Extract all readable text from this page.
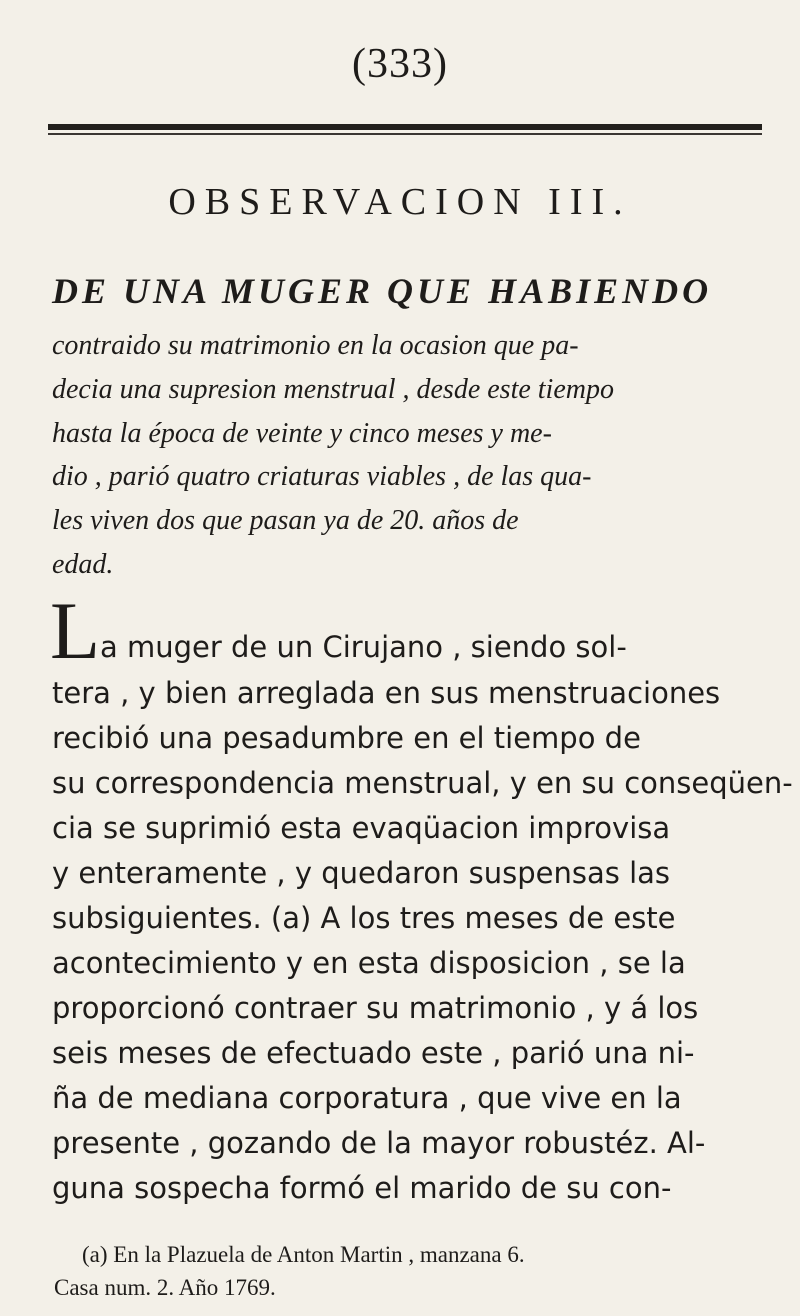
(333)
OBSERVACION III.
DE UNA MUGER QUE HABIENDO
contraido su matrimonio en la ocasion que pa-
decia una supresion menstrual , desde este tiempo
hasta la época de veinte y cinco meses y me-
dio , parió quatro criaturas viables , de las qua-
les viven dos que pasan ya de 20. años de
edad.
L a muger de un Cirujano , siendo sol-
tera , y bien arreglada en sus menstruaciones
recibió una pesadumbre en el tiempo de
su correspondencia menstrual, y en su conseqüen-
cia se suprimió esta evaqüacion improvisa
y enteramente , y quedaron suspensas las
subsiguientes. (a) A los tres meses de este
acontecimiento y en esta disposicion , se la
proporcionó contraer su matrimonio , y á los
seis meses de efectuado este , parió una ni-
ña de mediana corporatura , que vive en la
presente , gozando de la mayor robustéz. Al-
guna sospecha formó el marido de su con-
(a) En la Plazuela de Anton Martin , manzana 6.
Casa num. 2. Año 1769.
